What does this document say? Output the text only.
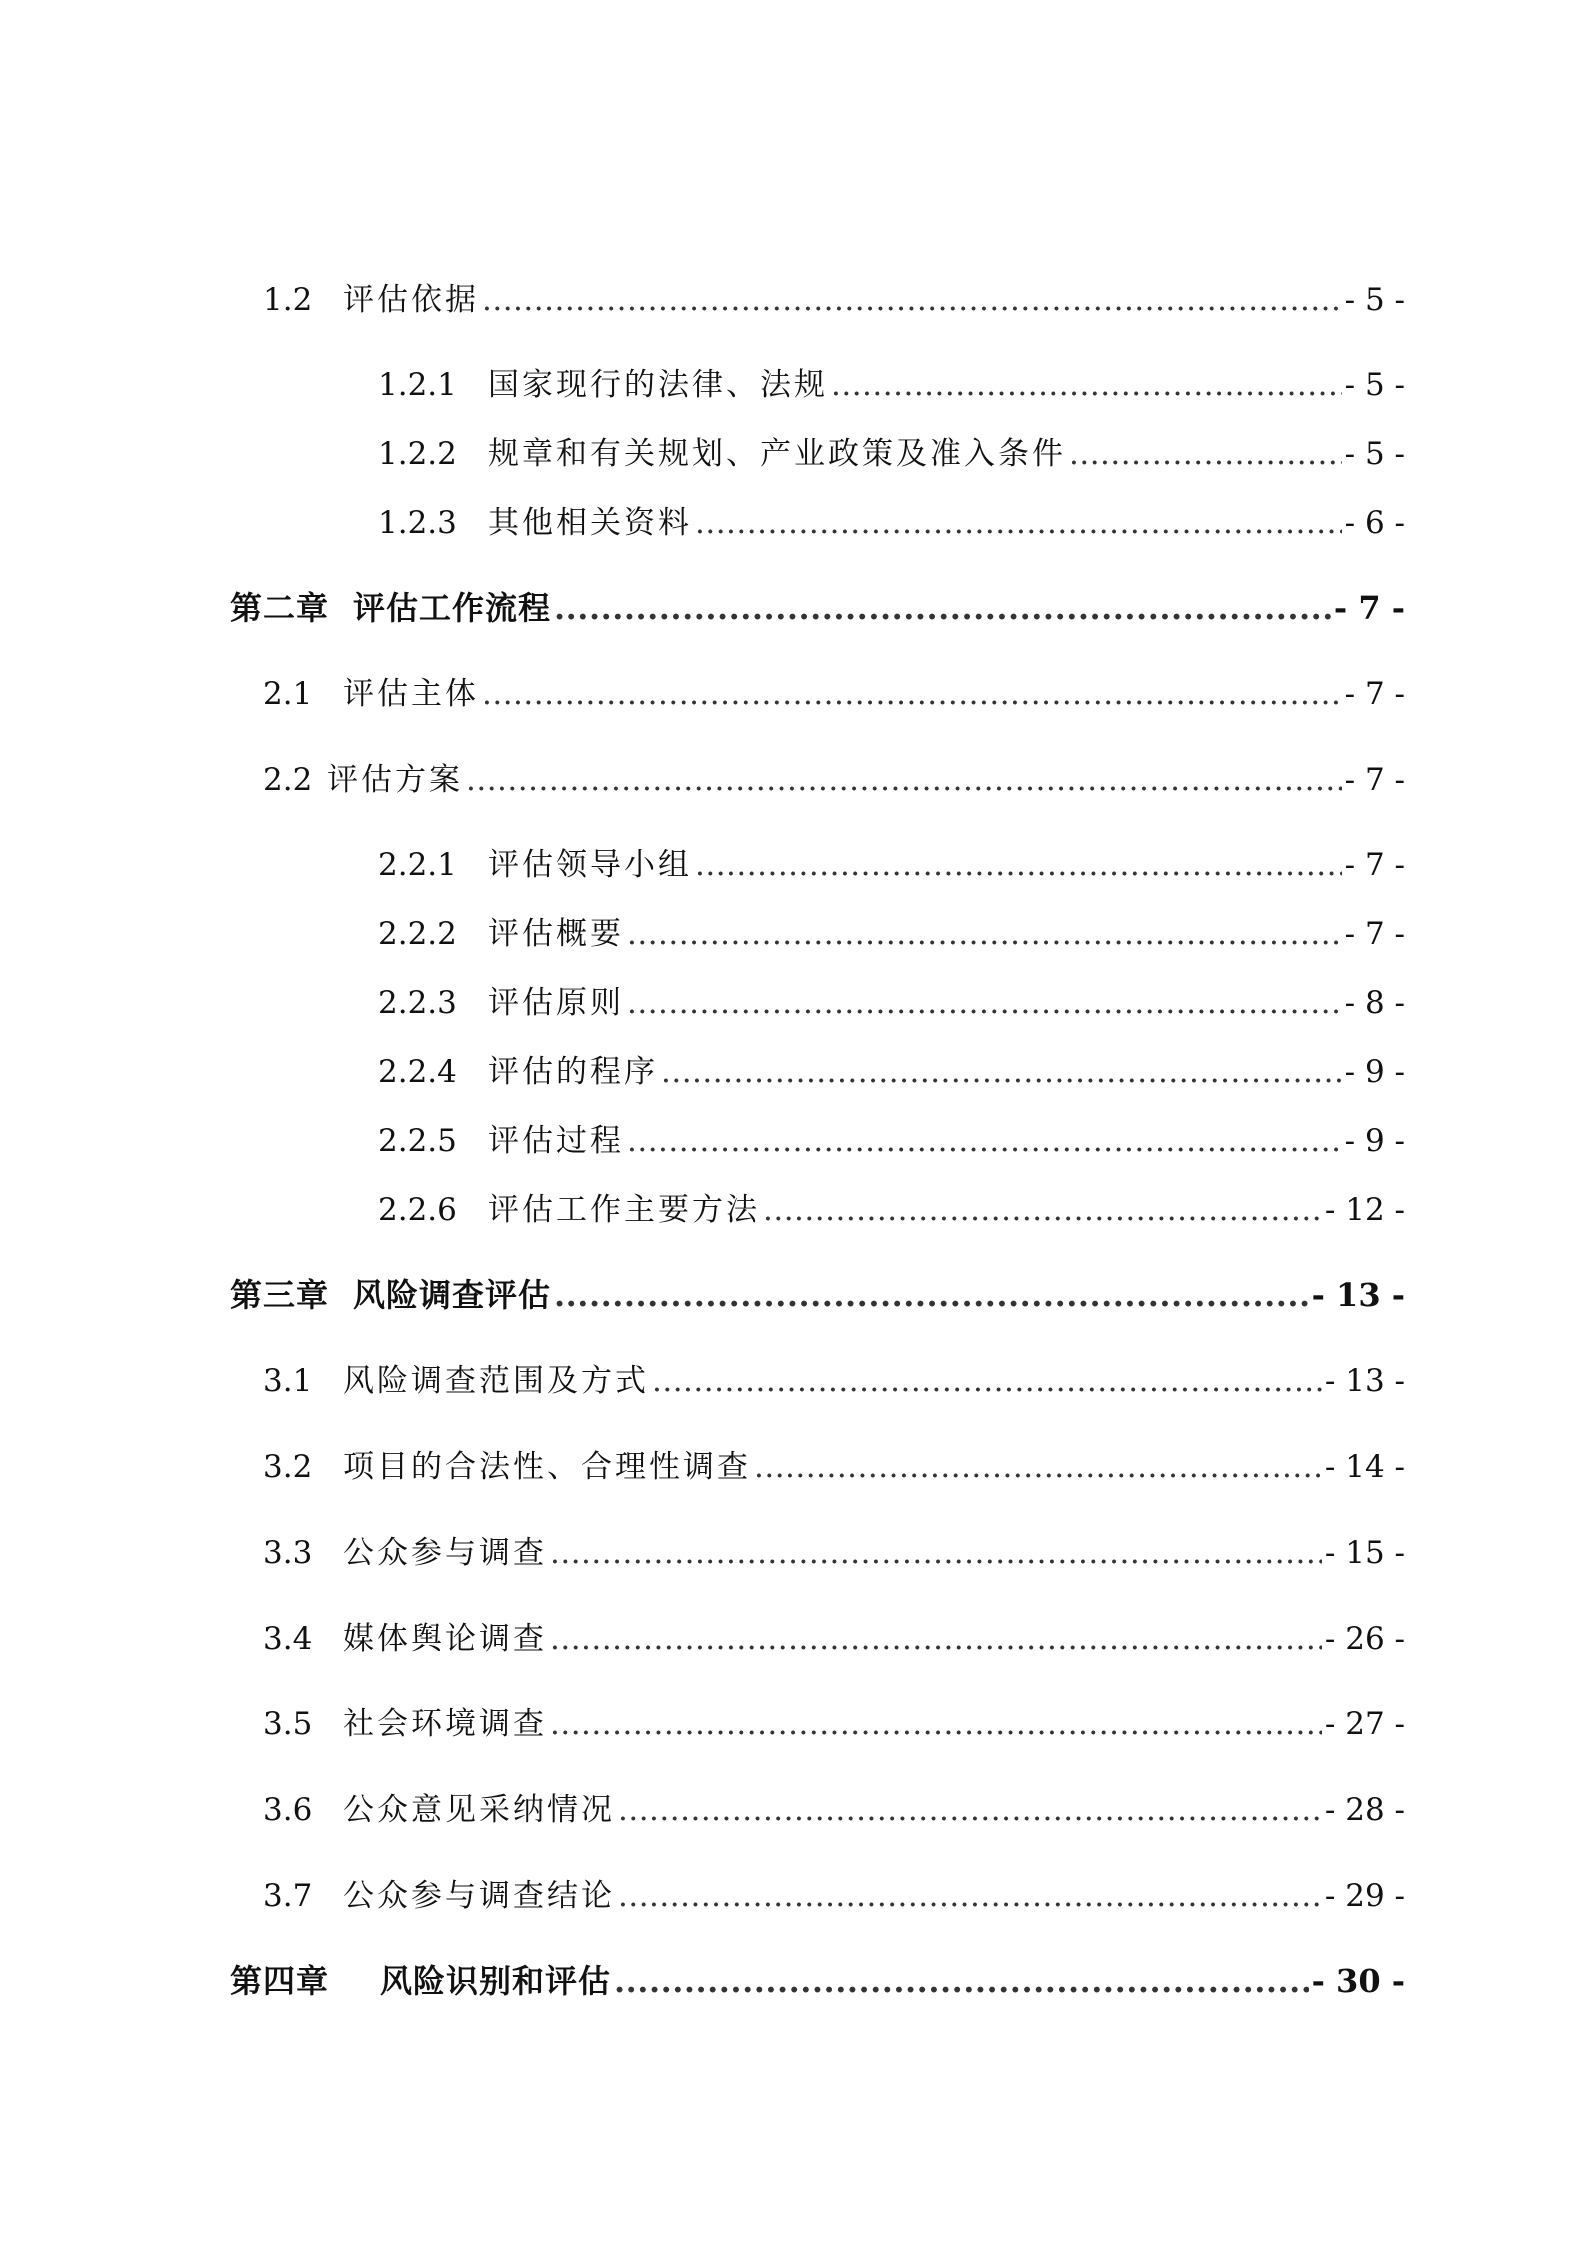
1.2 评估依据 .....	- 5 -
1.2.1	国家现行的法律、法规 .....	- 5 -
1.2.2	规章和有关规划、产业政策及准入条件 .....	- 5 -
1.2.3	其他相关资料 .....	- 6 -
第二章 评估工作流程 .....	- 7 -
2.1 评估主体 .....	- 7 -
2.2 评估方案 .....	- 7 -
2.2.1	评估领导小组 .....	- 7 -
2.2.2	评估概要 .....	- 7 -
2.2.3	评估原则 .....	- 8 -
2.2.4	评估的程序 .....	- 9 -
2.2.5	评估过程 .....	- 9 -
2.2.6	评估工作主要方法 .....	- 12 -
第三章 风险调查评估 .....	- 13 -
3.1 风险调查范围及方式 .....	- 13 -
3.2 项目的合法性、合理性调查 .....	- 14 -
3.3 公众参与调查 .....	- 15 -
3.4 媒体舆论调查 .....	- 26 -
3.5 社会环境调查 .....	- 27 -
3.6 公众意见采纳情况 .....	- 28 -
3.7 公众参与调查结论 .....	- 29 -
第四章	风险识别和评估 .....	- 30 -
